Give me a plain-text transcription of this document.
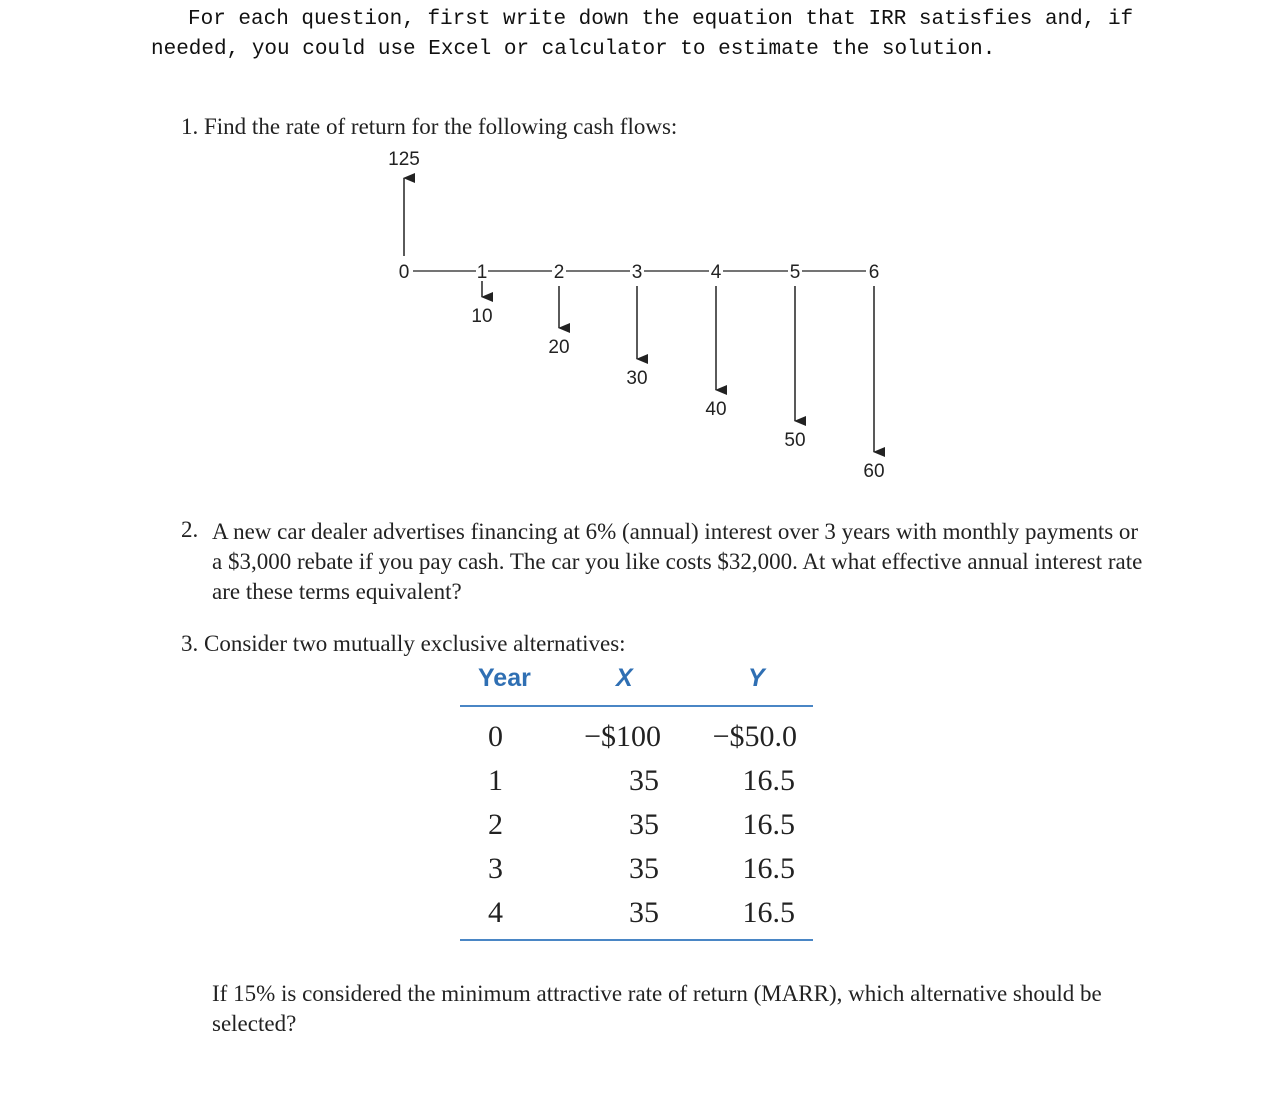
For each question, first write down the equation that IRR satisfies and, if
needed, you could use Excel or calculator to estimate the solution.
1. Find the rate of return for the following cash flows:
125
0	1	2	3	4	5	6
10
20
30
40
50
60
2. A new car dealer advertises financing at 6% (annual) interest over 3 years with monthly payments or a $3,000 rebate if you pay cash. The car you like costs $32,000. At what effective annual interest rate are these terms equivalent?
3. Consider two mutually exclusive alternatives:
Year	X	Y
0	−$100 −$50.0
1	35	16.5
2	35	16.5
3	35	16.5
4	35	16.5
If 15% is considered the minimum attractive rate of return (MARR), which alternative should be selected?
